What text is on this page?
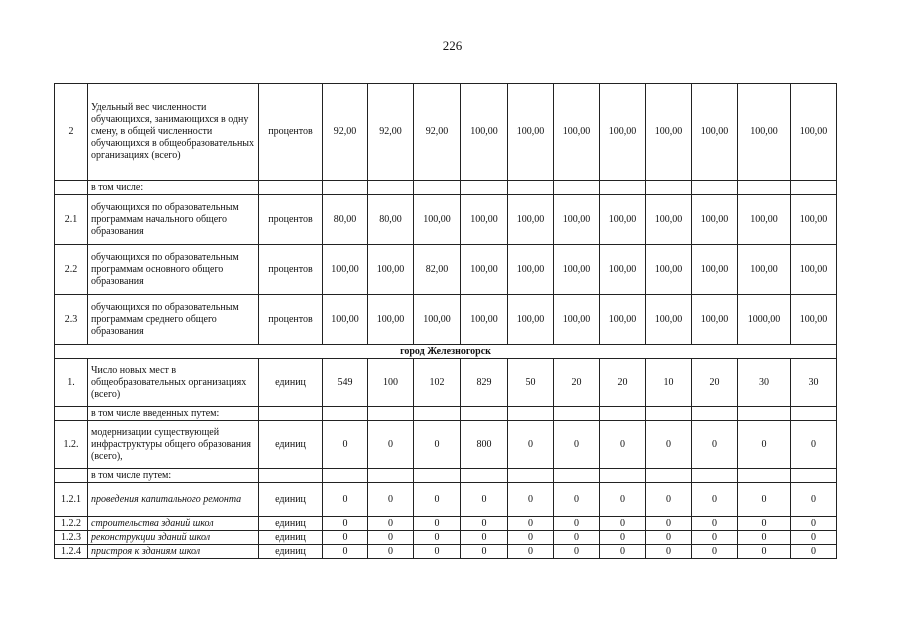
226
2	Удельный вес численности обучающихся, занимающихся в одну смену, в общей численности обучающихся в общеобразовательных организациях (всего)	процентов	92,00	92,00	92,00	100,00	100,00	100,00	100,00	100,00	100,00	100,00	100,00
	в том числе:												
2.1	обучающихся по образовательным программам начального общего образования	процентов	80,00	80,00	100,00	100,00	100,00	100,00	100,00	100,00	100,00	100,00	100,00
2.2	обучающихся по образовательным программам основного общего образования	процентов	100,00	100,00	82,00	100,00	100,00	100,00	100,00	100,00	100,00	100,00	100,00
2.3	обучающихся по образовательным программам среднего общего образования	процентов	100,00	100,00	100,00	100,00	100,00	100,00	100,00	100,00	100,00	1000,00	100,00
город Железногорск													
1.	Число новых мест в общеобразовательных организациях (всего)	единиц	549	100	102	829	50	20	20	10	20	30	30
	в том числе введенных путем:												
1.2.	модернизации существующей инфраструктуры общего образования (всего),	единиц	0	0	0	800	0	0	0	0	0	0	0
	в том числе путем:												
1.2.1	проведения капитального ремонта	единиц	0	0	0	0	0	0	0	0	0	0	0
1.2.2	строительства зданий школ	единиц	0	0	0	0	0	0	0	0	0	0	0
1.2.3	реконструкции зданий школ	единиц	0	0	0	0	0	0	0	0	0	0	0
1.2.4	пристроя к зданиям школ	единиц	0	0	0	0	0	0	0	0	0	0	0
